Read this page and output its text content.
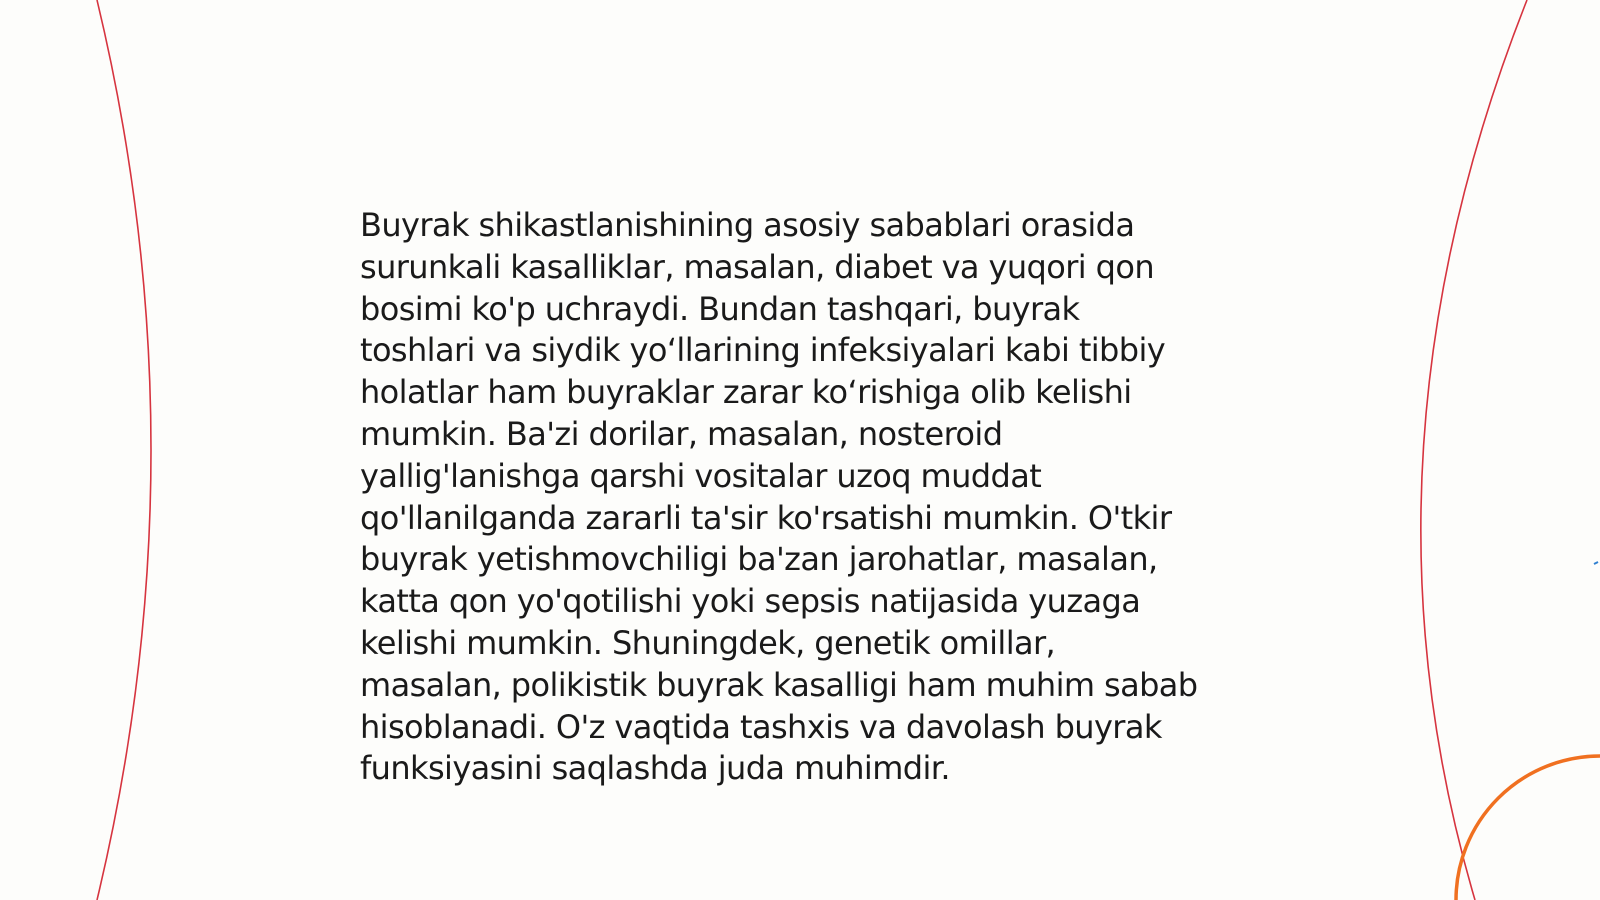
Buyrak shikastlanishining asosiy sabablari orasida
surunkali kasalliklar, masalan, diabet va yuqori qon
bosimi ko'p uchraydi. Bundan tashqari, buyrak
toshlari va siydik yo‘llarining infeksiyalari kabi tibbiy
holatlar ham buyraklar zarar ko‘rishiga olib kelishi
mumkin. Ba'zi dorilar, masalan, nosteroid
yallig'lanishga qarshi vositalar uzoq muddat
qo'llanilganda zararli ta'sir ko'rsatishi mumkin. O'tkir
buyrak yetishmovchiligi ba'zan jarohatlar, masalan,
katta qon yo'qotilishi yoki sepsis natijasida yuzaga
kelishi mumkin. Shuningdek, genetik omillar,
masalan, polikistik buyrak kasalligi ham muhim sabab
hisoblanadi. O'z vaqtida tashxis va davolash buyrak
funksiyasini saqlashda juda muhimdir.
